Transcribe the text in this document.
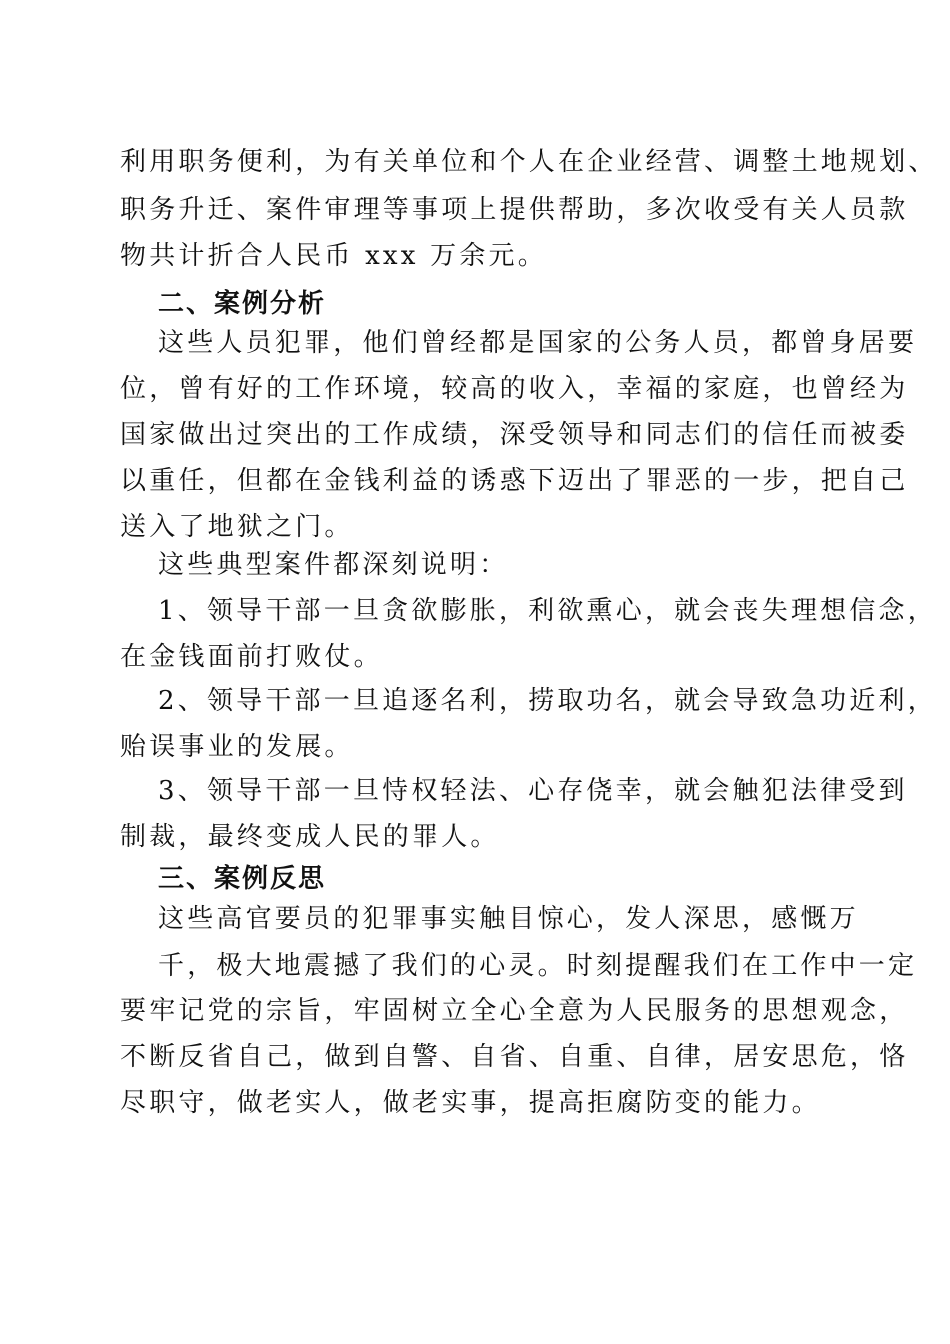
利用职务便利，为有关单位和个人在企业经营、调整土地规划、
职务升迁、案件审理等事项上提供帮助，多次收受有关人员款
物共计折合人民币 xxx 万余元。
二、案例分析
这些人员犯罪，他们曾经都是国家的公务人员，都曾身居要
位，曾有好的工作环境，较高的收入，幸福的家庭，也曾经为
国家做出过突出的工作成绩，深受领导和同志们的信任而被委
以重任，但都在金钱利益的诱惑下迈出了罪恶的一步，把自己
送入了地狱之门。
这些典型案件都深刻说明：
1、领导干部一旦贪欲膨胀，利欲熏心，就会丧失理想信念，
在金钱面前打败仗。
2、领导干部一旦追逐名利，捞取功名，就会导致急功近利，
贻误事业的发展。
3、领导干部一旦恃权轻法、心存侥幸，就会触犯法律受到
制裁，最终变成人民的罪人。
三、案例反思
这些高官要员的犯罪事实触目惊心，发人深思，感慨万
千，极大地震撼了我们的心灵。时刻提醒我们在工作中一定
要牢记党的宗旨，牢固树立全心全意为人民服务的思想观念，
不断反省自己，做到自警、自省、自重、自律，居安思危，恪
尽职守，做老实人，做老实事，提高拒腐防变的能力。
